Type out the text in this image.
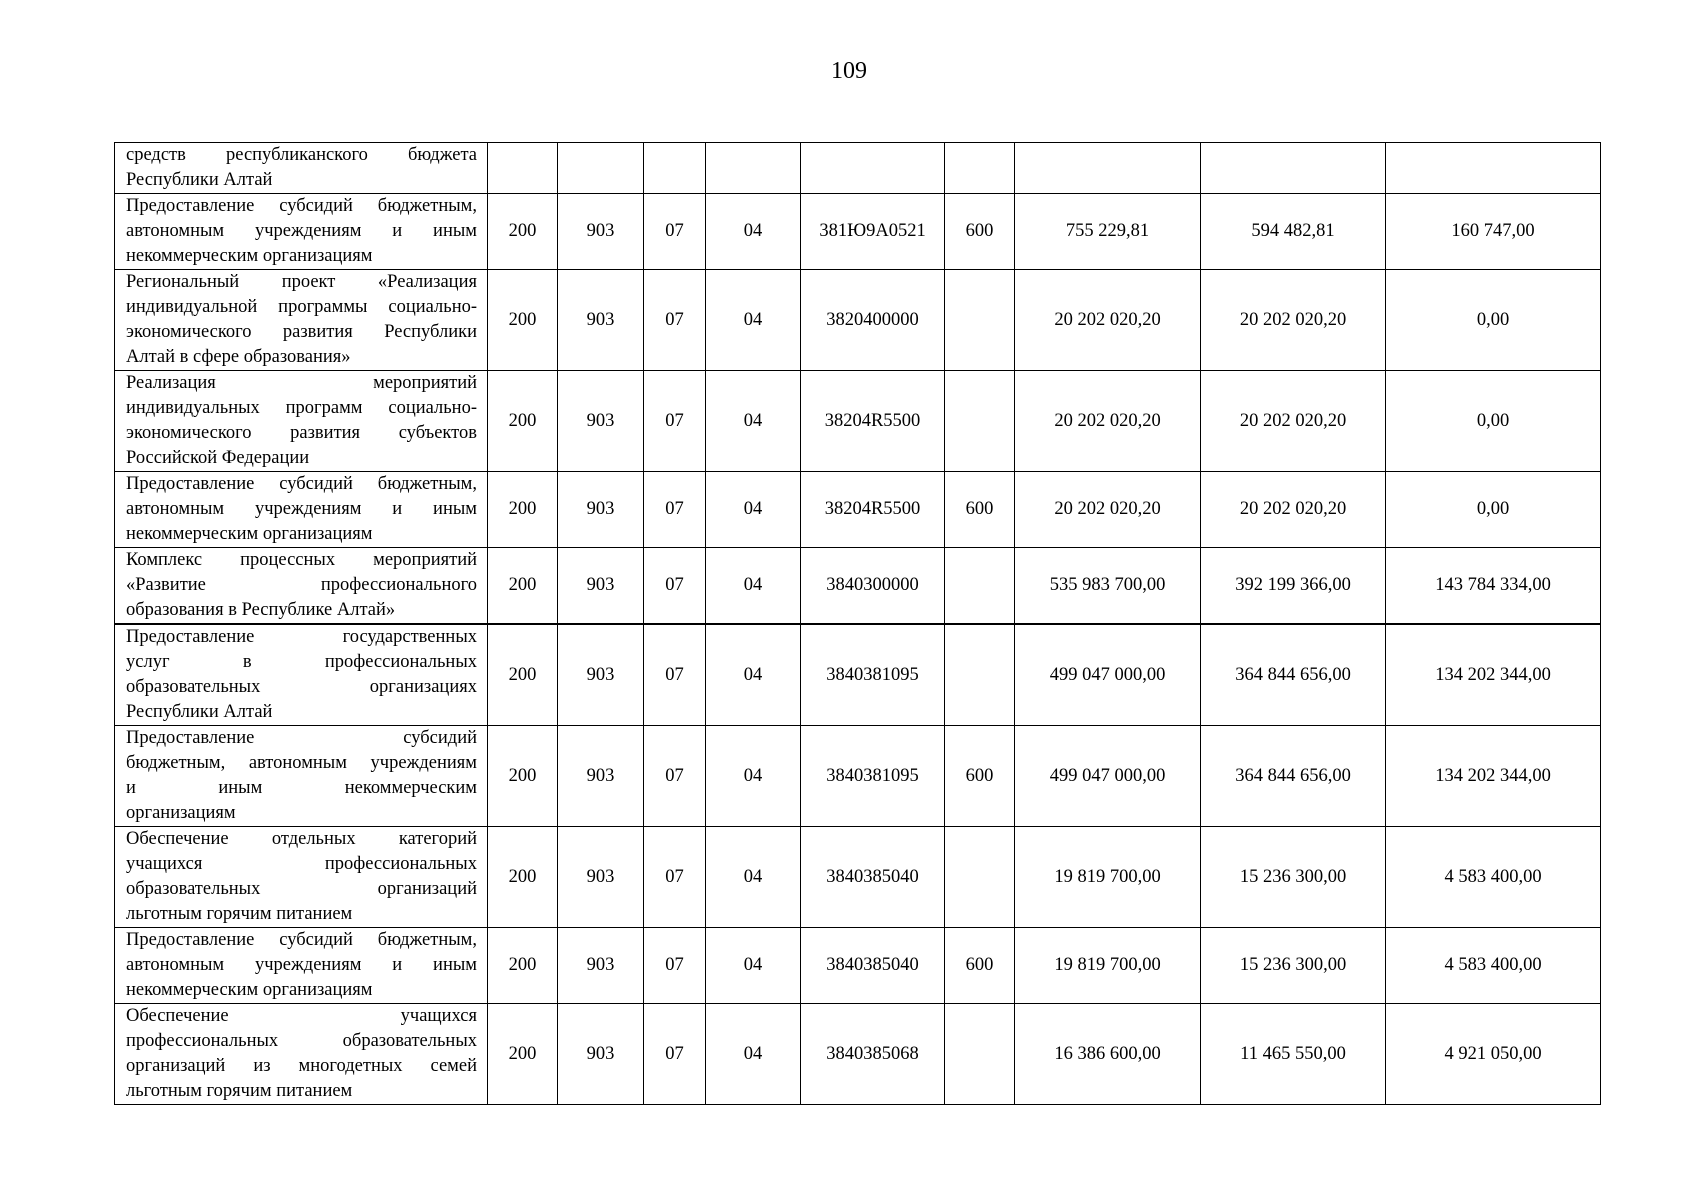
109
средств республиканского бюджета
Республики Алтай									

Предоставление субсидий бюджетным,
автономным учреждениям и иным
некоммерческим организациям	200	903	07	04	381Ю9А0521	600	755 229,81	594 482,81	160 747,00

Региональный проект «Реализация
индивидуальной программы социально-
экономического развития Республики
Алтай в сфере образования»	200	903	07	04	3820400000		20 202 020,20	20 202 020,20	0,00

Реализация мероприятий
индивидуальных программ социально-
экономического развития субъектов
Российской Федерации	200	903	07	04	38204R5500		20 202 020,20	20 202 020,20	0,00

Предоставление субсидий бюджетным,
автономным учреждениям и иным
некоммерческим организациям	200	903	07	04	38204R5500	600	20 202 020,20	20 202 020,20	0,00

Комплекс процессных мероприятий
«Развитие профессионального
образования в Республике Алтай»	200	903	07	04	3840300000		535 983 700,00	392 199 366,00	143 784 334,00

Предоставление государственных
услуг в профессиональных
образовательных организациях
Республики Алтай	200	903	07	04	3840381095		499 047 000,00	364 844 656,00	134 202 344,00

Предоставление субсидий
бюджетным, автономным учреждениям
и иным некоммерческим
организациям	200	903	07	04	3840381095	600	499 047 000,00	364 844 656,00	134 202 344,00

Обеспечение отдельных категорий
учащихся профессиональных
образовательных организаций
льготным горячим питанием	200	903	07	04	3840385040		19 819 700,00	15 236 300,00	4 583 400,00

Предоставление субсидий бюджетным,
автономным учреждениям и иным
некоммерческим организациям	200	903	07	04	3840385040	600	19 819 700,00	15 236 300,00	4 583 400,00

Обеспечение учащихся
профессиональных образовательных
организаций из многодетных семей
льготным горячим питанием	200	903	07	04	3840385068		16 386 600,00	11 465 550,00	4 921 050,00
